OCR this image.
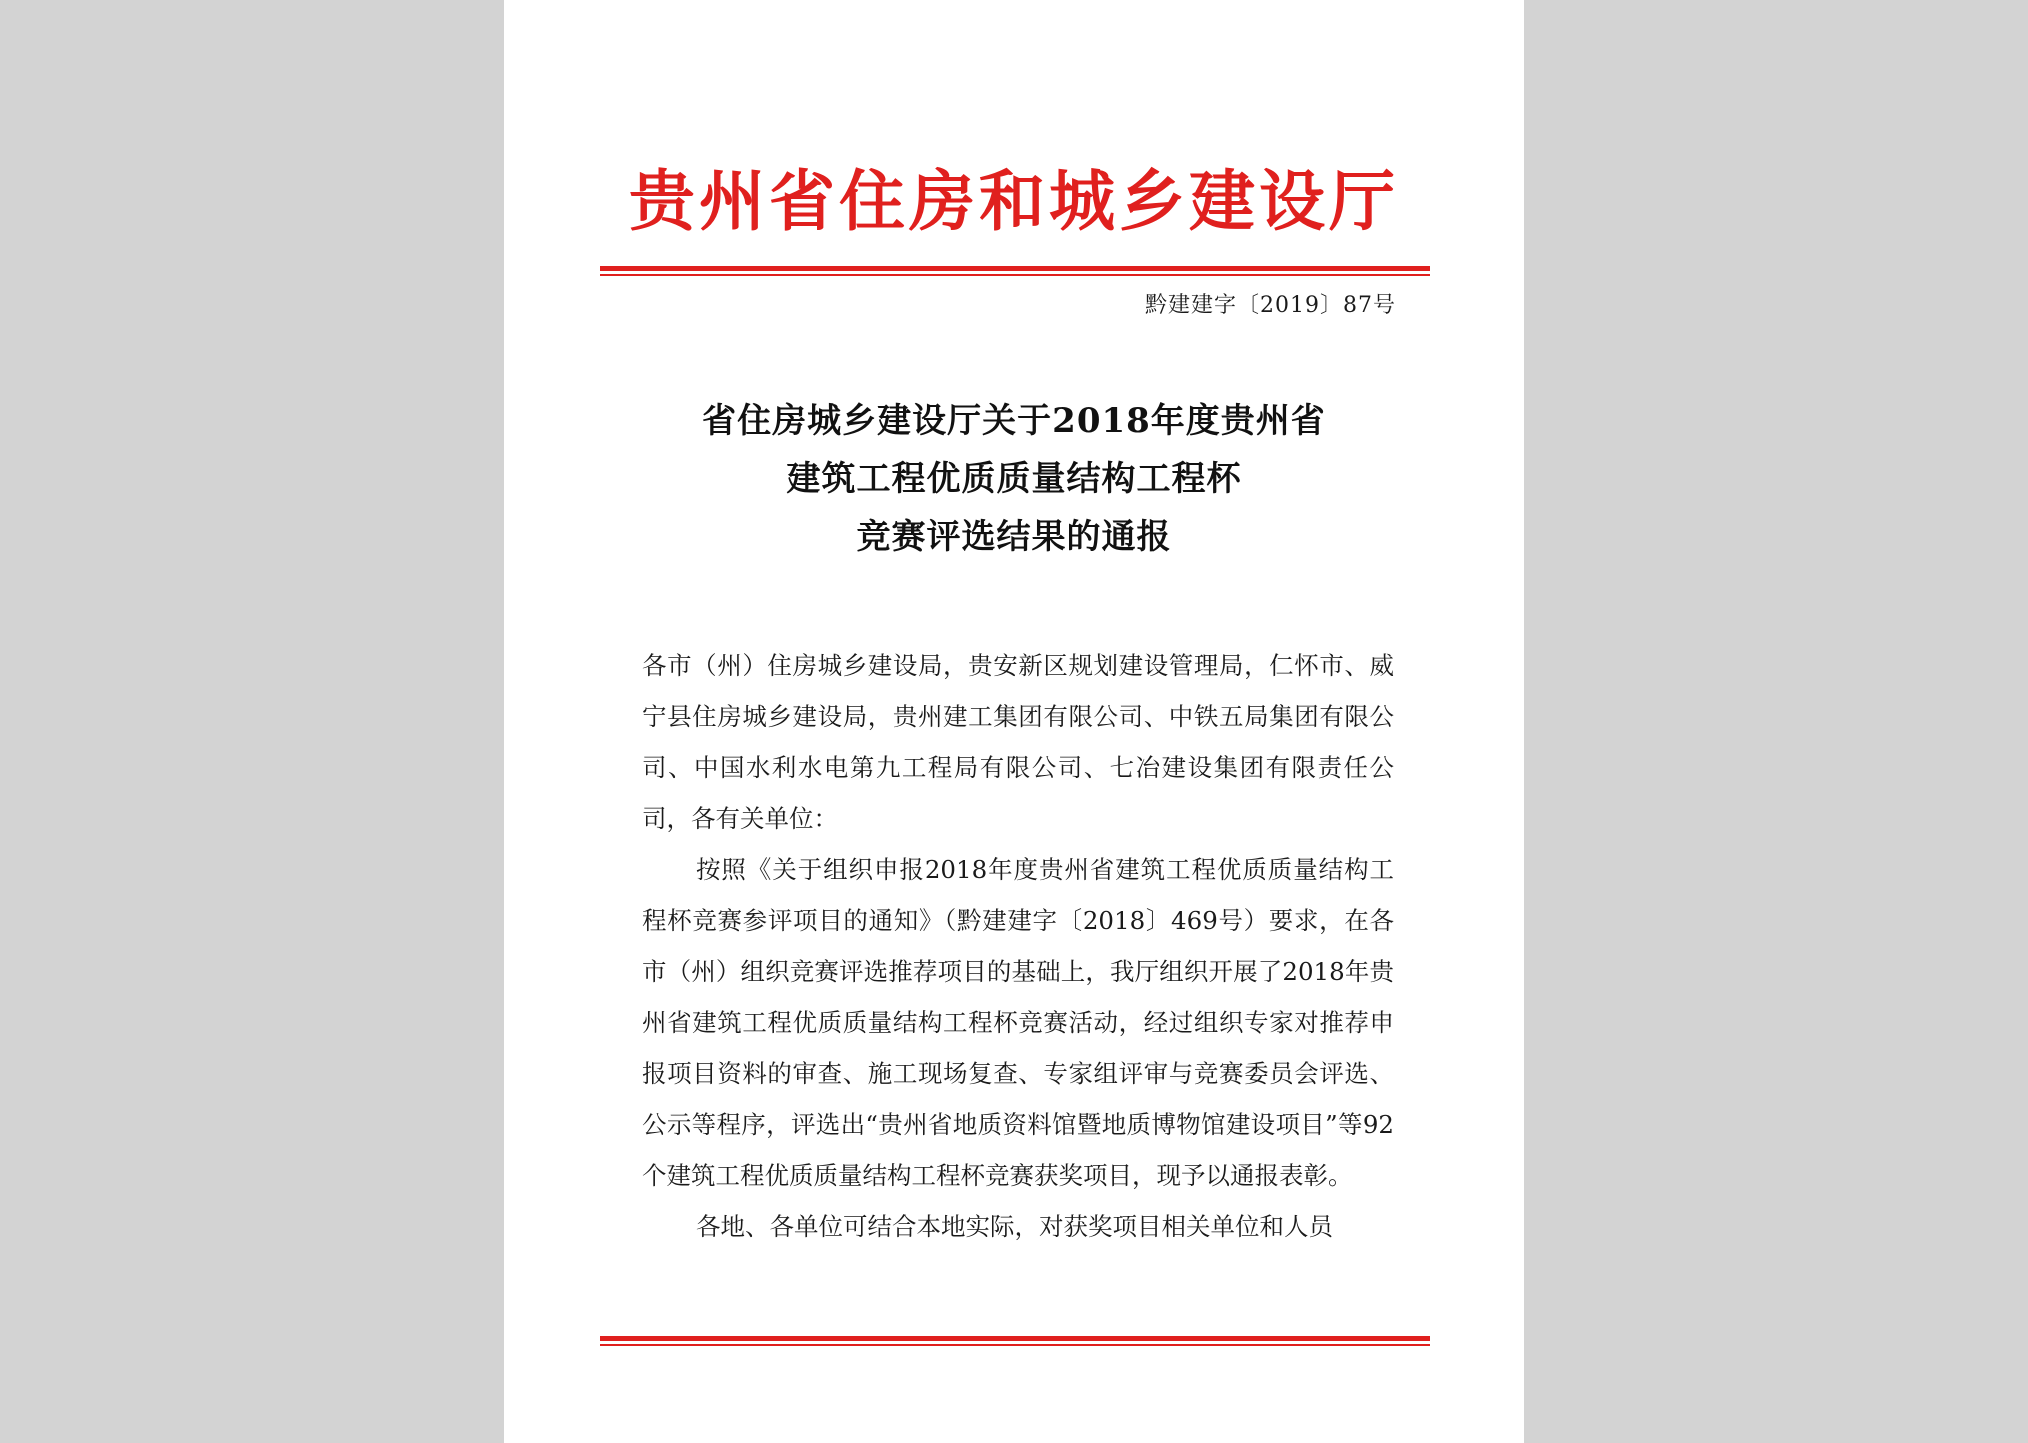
贵州省住房和城乡建设厅
黔建建字〔2019〕87号
省住房城乡建设厅关于2018年度贵州省
建筑工程优质质量结构工程杯
竞赛评选结果的通报

各市（州）住房城乡建设局，贵安新区规划建设管理局，仁怀市、威宁县住房城乡建设局，贵州建工集团有限公司、中铁五局集团有限公司、中国水利水电第九工程局有限公司、七冶建设集团有限责任公司，各有关单位：

按照《关于组织申报2018年度贵州省建筑工程优质质量结构工程杯竞赛参评项目的通知》（黔建建字〔2018〕469号）要求，在各市（州）组织竞赛评选推荐项目的基础上，我厅组织开展了2018年贵州省建筑工程优质质量结构工程杯竞赛活动，经过组织专家对推荐申报项目资料的审查、施工现场复查、专家组评审与竞赛委员会评选、公示等程序，评选出“贵州省地质资料馆暨地质博物馆建设项目”等92个建筑工程优质质量结构工程杯竞赛获奖项目，现予以通报表彰。

各地、各单位可结合本地实际，对获奖项目相关单位和人员
